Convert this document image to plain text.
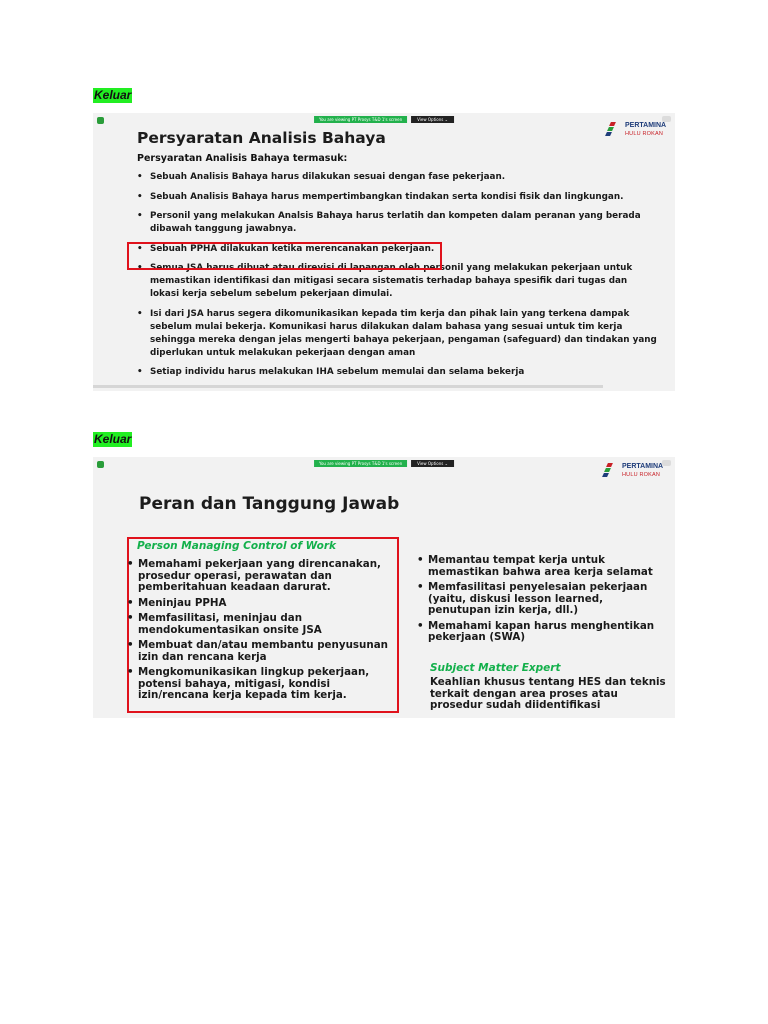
Keluar
You are viewing PT Prosys T&D 1's screen	View Options ⌄
PERTAMINA
HULU ROKAN
Persyaratan Analisis Bahaya
Persyaratan Analisis Bahaya termasuk:
• Sebuah Analisis Bahaya harus dilakukan sesuai dengan fase pekerjaan.
• Sebuah Analisis Bahaya harus mempertimbangkan tindakan serta kondisi fisik dan lingkungan.
• Personil yang melakukan Analsis Bahaya harus terlatih dan kompeten dalam peranan yang berada dibawah tanggung jawabnya.
• Sebuah PPHA dilakukan ketika merencanakan pekerjaan.
• Semua JSA harus dibuat atau direvisi di lapangan oleh personil yang melakukan pekerjaan untuk memastikan identifikasi dan mitigasi secara sistematis terhadap bahaya spesifik dari tugas dan lokasi kerja sebelum sebelum pekerjaan dimulai.
• Isi dari JSA harus segera dikomunikasikan kepada tim kerja dan pihak lain yang terkena dampak sebelum mulai bekerja. Komunikasi harus dilakukan dalam bahasa yang sesuai untuk tim kerja sehingga mereka dengan jelas mengerti bahaya pekerjaan, pengaman (safeguard) dan tindakan yang diperlukan untuk melakukan pekerjaan dengan aman
• Setiap individu harus melakukan IHA sebelum memulai dan selama bekerja
Keluar
You are viewing PT Prosys T&D 1's screen	View Options ⌄	PERTAMINA
HULU ROKAN
Peran dan Tanggung Jawab
Person Managing Control of Work
• Memahami pekerjaan yang direncanakan, prosedur operasi, perawatan dan pemberitahuan keadaan darurat.
• Meninjau PPHA
• Memfasilitasi, meninjau dan mendokumentasikan onsite JSA
• Membuat dan/atau membantu penyusunan izin dan rencana kerja
• Mengkomunikasikan lingkup pekerjaan, potensi bahaya, mitigasi, kondisi izin/rencana kerja kepada tim kerja.
• Memantau tempat kerja untuk memastikan bahwa area kerja selamat
• Memfasilitasi penyelesaian pekerjaan (yaitu, diskusi lesson learned, penutupan izin kerja, dll.)
• Memahami kapan harus menghentikan pekerjaan (SWA)
Subject Matter Expert
Keahlian khusus tentang HES dan teknis terkait dengan area proses atau prosedur sudah diidentifikasi
